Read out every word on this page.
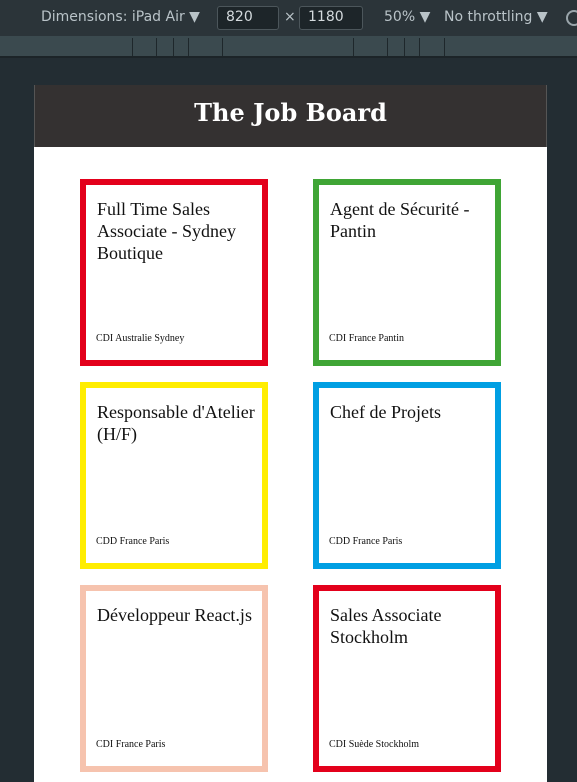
Dimensions: iPad Air ▼	820	× 1180	50% ▼ No throttling ▼
The Job Board
Full Time Sales Associate - Sydney Boutique
CDI Australie Sydney
Agent de Sécurité - Pantin
CDI France Pantin
Responsable d'Atelier (H/F)
CDD France Paris
Chef de Projets
CDD France Paris
Développeur React.js
CDI France Paris
Sales Associate Stockholm
CDI Suède Stockholm
